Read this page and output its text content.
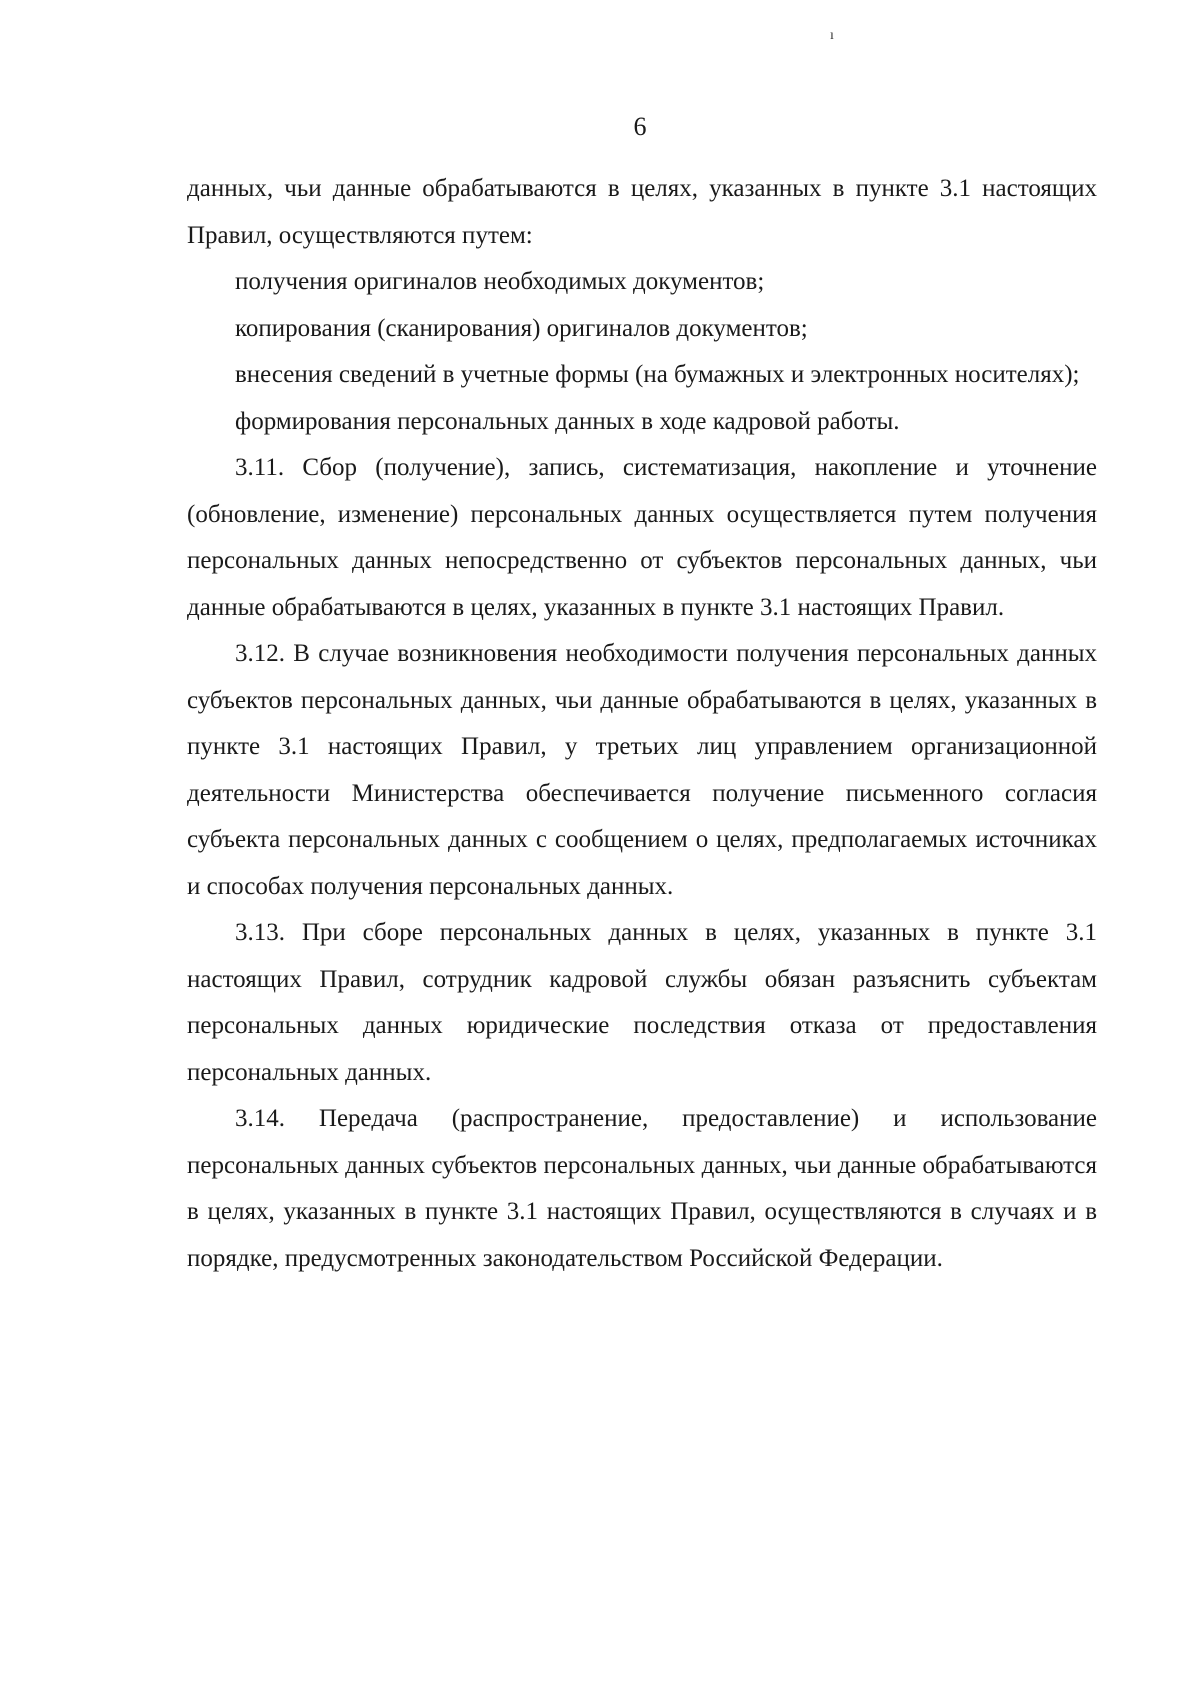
ı
6

данных, чьи данные обрабатываются в целях, указанных в пункте 3.1 настоящих Правил, осуществляются путем:

получения оригиналов необходимых документов;

копирования (сканирования) оригиналов документов;

внесения сведений в учетные формы (на бумажных и электронных носителях);

формирования персональных данных в ходе кадровой работы.

3.11. Сбор (получение), запись, систематизация, накопление и уточнение (обновление, изменение) персональных данных осуществляется путем получения персональных данных непосредственно от субъектов персональных данных, чьи данные обрабатываются в целях, указанных в пункте 3.1 настоящих Правил.

3.12. В случае возникновения необходимости получения персональных данных субъектов персональных данных, чьи данные обрабатываются в целях, указанных в пункте 3.1 настоящих Правил, у третьих лиц управлением организационной деятельности Министерства обеспечивается получение письменного согласия субъекта персональных данных с сообщением о целях, предполагаемых источниках и способах получения персональных данных.

3.13. При сборе персональных данных в целях, указанных в пункте 3.1 настоящих Правил, сотрудник кадровой службы обязан разъяснить субъектам персональных данных юридические последствия отказа от предоставления персональных данных.

3.14. Передача (распространение, предоставление) и использование персональных данных субъектов персональных данных, чьи данные обрабатываются в целях, указанных в пункте 3.1 настоящих Правил, осуществляются в случаях и в порядке, предусмотренных законодательством Российской Федерации.
